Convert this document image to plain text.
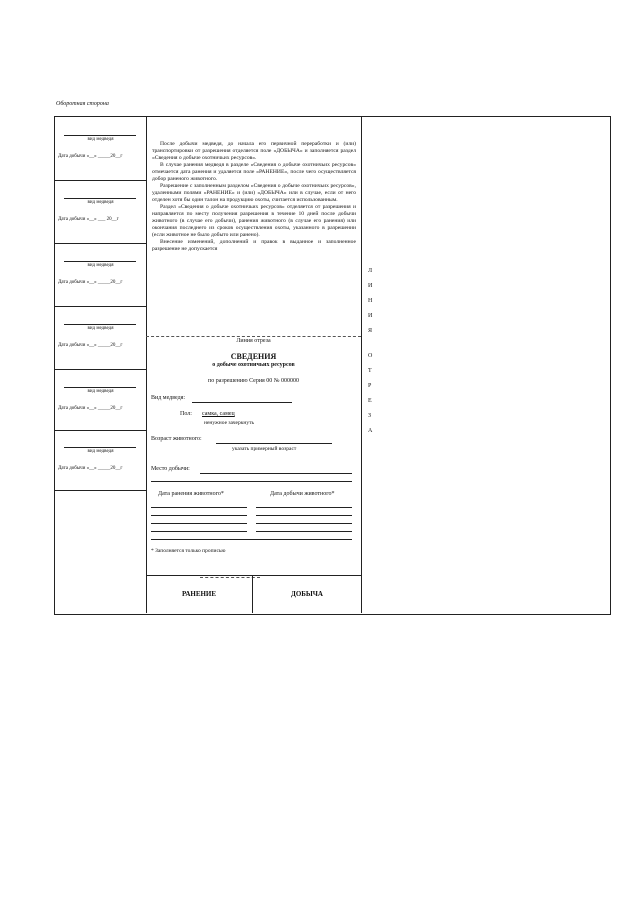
Оборотная сторона
вид медведя
Дата добычи «__» _____20__г
вид медведя
Дата добычи «__» ___ 20__г
вид медведя
Дата добычи «__» _____20__г
вид медведя
Дата добычи «__» _____20__г
вид медведя
Дата добычи «__» _____20__г
вид медведя
Дата добычи «__» _____20__г

После добычи медведя, до начала его первичной переработки и (или) транспортировки от разрешения отделяется поле «ДОБЫЧА» и заполняется раздел «Сведения о добыче охотничьих ресурсов».

В случае ранения медведя в разделе «Сведения о добыче охотничьих ресурсов» отмечается дата ранения и удаляется поле «РАНЕНИЕ», после чего осуществляется добор раненого животного.

Разрешение с заполненным разделом «Сведения о добыче охотничьих ресурсов», удаленными полями «РАНЕНИЕ» и (или) «ДОБЫЧА» или в случае, если от него отделен хотя бы один талон на продукцию охоты, считается использованным.

Раздел «Сведения о добыче охотничьих ресурсов» отделяется от разрешения и направляется по месту получения разрешения в течение 10 дней после добычи животного (в случае его добычи), ранения животного (в случае его ранения) или окончания последнего из сроков осуществления охоты, указанного в разрешении (если животное не было добыто или ранено).

Внесение изменений, дополнений и правок в выданное и заполненное разрешение не допускается

Линия отреза
СВЕДЕНИЯ
о добыче охотничьих ресурсов
по разрешению Серия 00 № 000000
Вид медведя:
Пол: самка, самец
ненужное зачеркнуть
Возраст животного:
указать примерный возраст
Место добычи:
Дата ранения животного*	Дата добычи животного*
* Заполняется только прописью
РАНЕНИЕ	ДОБЫЧА
Л
И
Н
И
Я
О
Т
Р
Е
З
А
